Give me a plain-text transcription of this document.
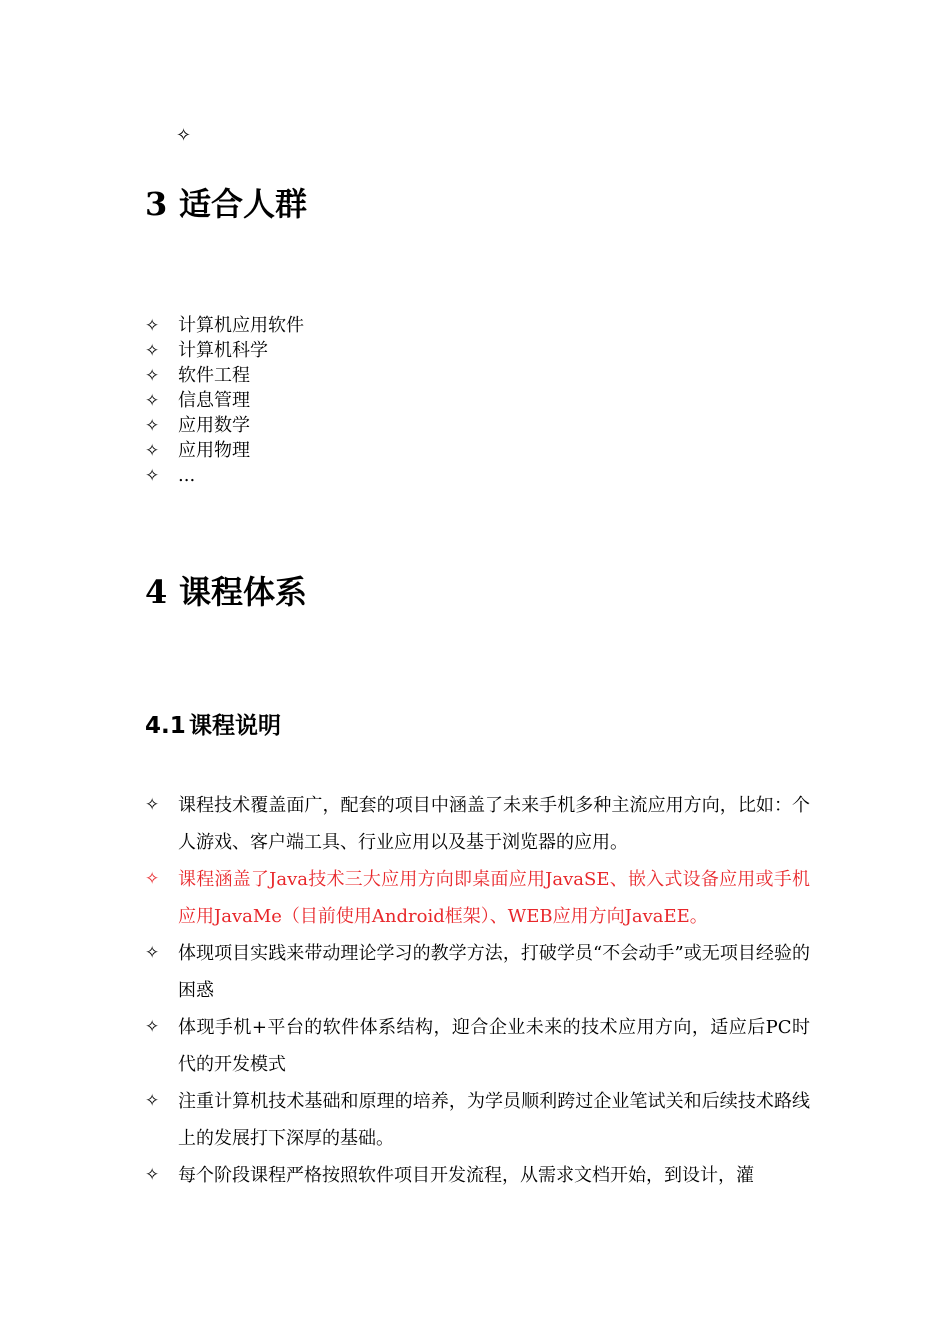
✧
3 适合人群
✧ 计算机应用软件
✧ 计算机科学
✧ 软件工程
✧ 信息管理
✧ 应用数学
✧ 应用物理
✧ ...
4 课程体系
4.1 课程说明
✧	课程技术覆盖面广，配套的项目中涵盖了未来手机多种主流应用方向，比如：个人游戏、客户端工具、行业应用以及基于浏览器的应用。
✧	课程涵盖了Java技术三大应用方向即桌面应用JavaSE、嵌入式设备应用或手机应用JavaMe（目前使用Android框架）、WEB应用方向JavaEE。
✧	体现项目实践来带动理论学习的教学方法，打破学员“不会动手”或无项目经验的困惑
✧	体现手机+平台的软件体系结构，迎合企业未来的技术应用方向，适应后PC时代的开发模式
✧	注重计算机技术基础和原理的培养，为学员顺利跨过企业笔试关和后续技术路线上的发展打下深厚的基础。
✧	每个阶段课程严格按照软件项目开发流程，从需求文档开始，到设计，灌
